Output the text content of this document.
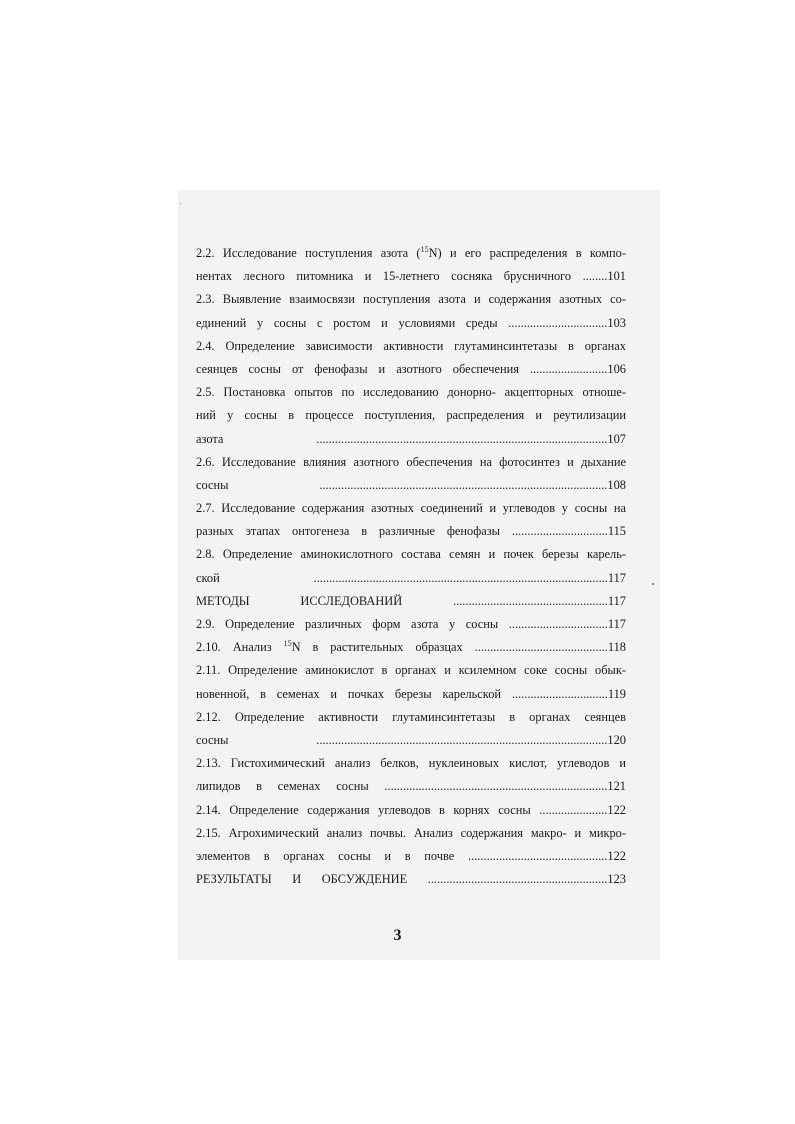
2.2. Исследование поступления азота ($^{15}$N) и его распределения в компо-
нентах лесного питомника и 15-летнего сосняка брусничного ........101
2.3. Выявление взаимосвязи поступления азота и содержания азотных со-
единений у сосны с ростом и условиями среды ................................103
2.4. Определение зависимости активности глутаминсинтетазы в органах
сеянцев сосны от фенофазы и азотного обеспечения .........................106
2.5. Постановка опытов по исследованию донорно- акцепторных отноше-
ний у сосны в процессе поступления, распределения и реутилизации
азота ..............................................................................................107
2.6. Исследование влияния азотного обеспечения на фотосинтез и дыхание
сосны .............................................................................................108
2.7. Исследование содержания азотных соединений и углеводов у сосны на
разных этапах онтогенеза в различные фенофазы ...............................115
2.8. Определение аминокислотного состава семян и почек березы карель-
ской ...............................................................................................117
МЕТОДЫ ИССЛЕДОВАНИЙ ..................................................117
2.9. Определение различных форм азота у сосны ................................117
2.10. Анализ $^{15}$N в растительных образцах ...........................................118
2.11. Определение аминокислот в органах и ксилемном соке сосны обык-
новенной, в семенах и почках березы карельской ...............................119
2.12. Определение активности глутаминсинтетазы в органах сеянцев
сосны ..............................................................................................120
2.13. Гистохимический анализ белков, нуклеиновых кислот, углеводов и
липидов в семенах сосны ........................................................................121
2.14. Определение содержания углеводов в корнях сосны ......................122
2.15. Агрохимический анализ почвы. Анализ содержания макро- и микро-
элементов в органах сосны и в почве .............................................122
РЕЗУЛЬТАТЫ И ОБСУЖДЕНИЕ ..........................................................123
3
